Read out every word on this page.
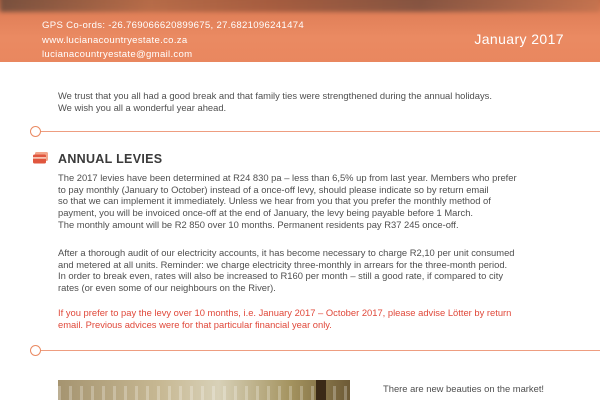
GPS Co-ords: -26.769066620899675, 27.6821096241474
www.lucianacountryestate.co.za
lucianacountryestate@gmail.com
January 2017
We trust that you all had a good break and that family ties were strengthened during the annual holidays.
We wish you all a wonderful year ahead.
ANNUAL LEVIES
The 2017 levies have been determined at R24 830 pa – less than 6,5% up from last year. Members who prefer
to pay monthly (January to October) instead of a once-off levy, should please indicate so by return email
so that we can implement it immediately. Unless we hear from you that you prefer the monthly method of
payment, you will be invoiced once-off at the end of January, the levy being payable before 1 March.
The monthly amount will be R2 850 over 10 months. Permanent residents pay R37 245 once-off.
After a thorough audit of our electricity accounts, it has become necessary to charge R2,10 per unit consumed
and metered at all units. Reminder: we charge electricity three-monthly in arrears for the three-month period.
In order to break even, rates will also be increased to R160 per month – still a good rate, if compared to city
rates (or even some of our neighbours on the River).
If you prefer to pay the levy over 10 months, i.e. January 2017 – October 2017, please advise Lötter by return
email. Previous advices were for that particular financial year only.
There are new beauties on the market!
